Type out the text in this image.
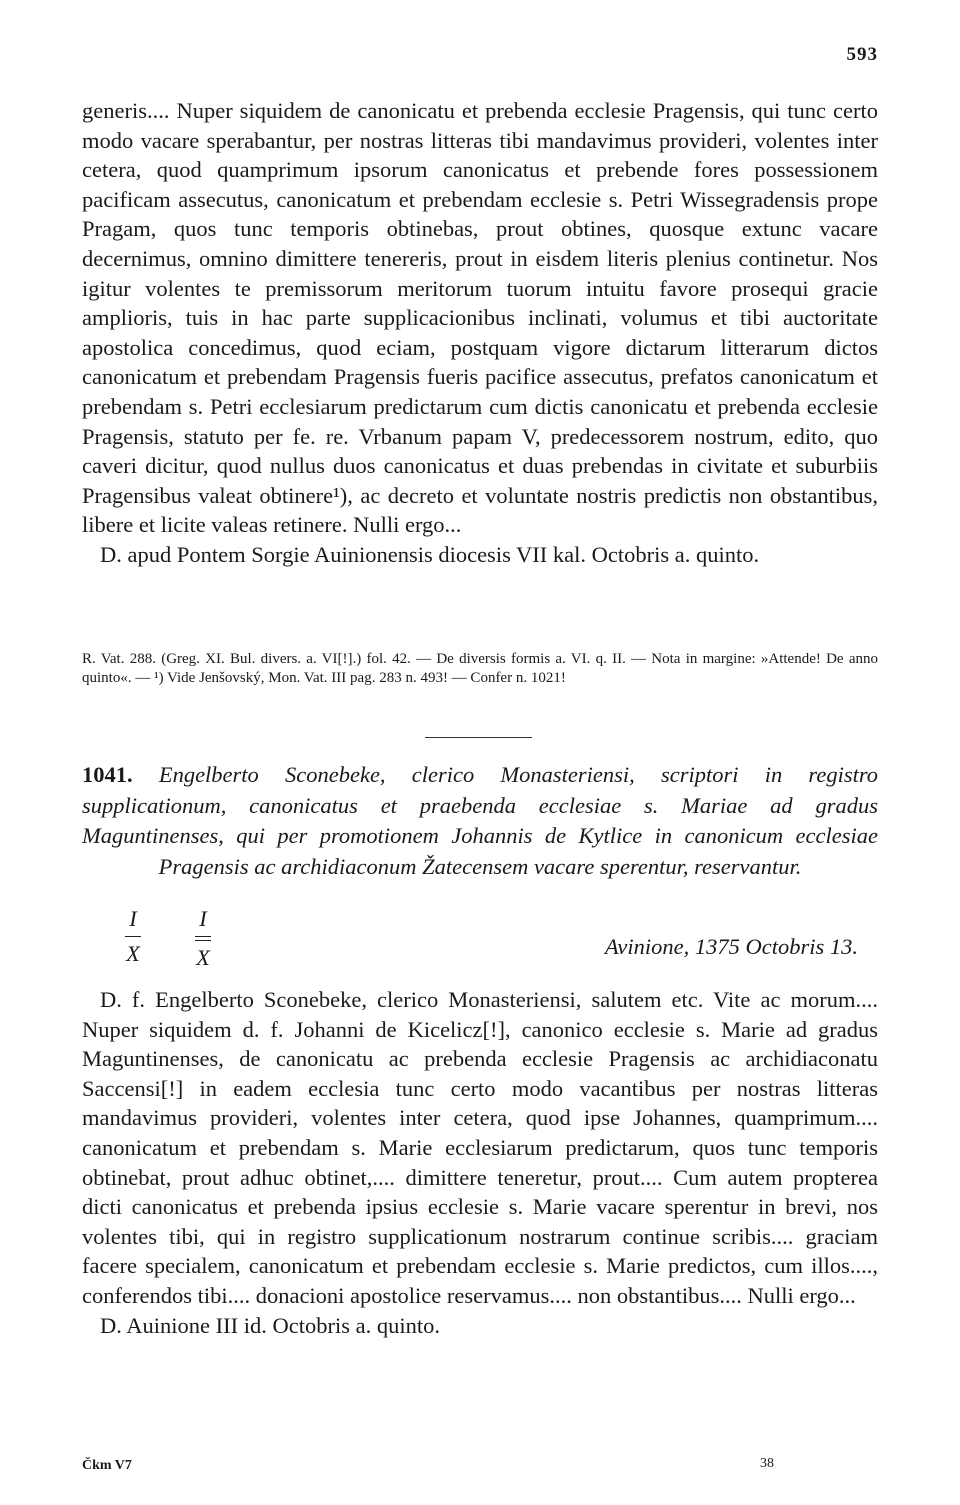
593

generis.... Nuper siquidem de canonicatu et prebenda ecclesie Pragensis, qui tunc certo modo vacare sperabantur, per nostras litteras tibi mandavimus provideri, volentes inter cetera, quod quamprimum ipsorum canonicatus et prebende fores possessionem pacificam assecutus, canonicatum et prebendam ecclesie s. Petri Wissegradensis prope Pragam, quos tunc temporis obtinebas, prout obtines, quosque extunc vacare decernimus, omnino dimittere tenereris, prout in eisdem literis plenius continetur. Nos igitur volentes te premissorum meritorum tuorum intuitu favore prosequi gracie amplioris, tuis in hac parte supplicacionibus inclinati, volumus et tibi auctoritate apostolica concedimus, quod eciam, postquam vigore dictarum litterarum dictos canonicatum et prebendam Pragensis fueris pacifice assecutus, prefatos canonicatum et prebendam s. Petri ecclesiarum predictarum cum dictis canonicatu et prebenda ecclesie Pragensis, statuto per fe. re. Vrbanum papam V, predecessorem nostrum, edito, quo caveri dicitur, quod nullus duos canonicatus et duas prebendas in civitate et suburbiis Pragensibus valeat obtinere¹), ac decreto et voluntate nostris predictis non obstantibus, libere et licite valeas retinere. Nulli ergo...

D. apud Pontem Sorgie Auinionensis diocesis VII kal. Octobris a. quinto.

R. Vat. 288. (Greg. XI. Bul. divers. a. VI[!].) fol. 42. — De diversis formis a. VI. q. II. — Nota in margine: »Attende! De anno quinto«. — ¹) Vide Jenšovský, Mon. Vat. III pag. 283 n. 493! — Confer n. 1021!

1041. Engelberto Sconebeke, clerico Monasteriensi, scriptori in registro supplicationum, canonicatus et praebenda ecclesiae s. Mariae ad gradus Maguntinenses, qui per promotionem Johannis de Kytlice in canonicum ecclesiae Pragensis ac archidiaconum Žatecensem vacare sperentur, reservantur.
$\frac{I}{X}$ I
X	Avinione, 1375 Octobris 13.

D. f. Engelberto Sconebeke, clerico Monasteriensi, salutem etc. Vite ac morum.... Nuper siquidem d. f. Johanni de Kicelicz[!], canonico ecclesie s. Marie ad gradus Maguntinenses, de canonicatu ac prebenda ecclesie Pragensis ac archidiaconatu Saccensi[!] in eadem ecclesia tunc certo modo vacantibus per nostras litteras mandavimus provideri, volentes inter cetera, quod ipse Johannes, quamprimum.... canonicatum et prebendam s. Marie ecclesiarum predictarum, quos tunc temporis obtinebat, prout adhuc obtinet,.... dimittere teneretur, prout.... Cum autem propterea dicti canonicatus et prebenda ipsius ecclesie s. Marie vacare sperentur in brevi, nos volentes tibi, qui in registro supplicationum nostrarum continue scribis.... graciam facere specialem, canonicatum et prebendam ecclesie s. Marie predictos, cum illos...., conferendos tibi.... donacioni apostolice reservamus.... non obstantibus.... Nulli ergo...

D. Auinione III id. Octobris a. quinto.

Čkm V7	38
